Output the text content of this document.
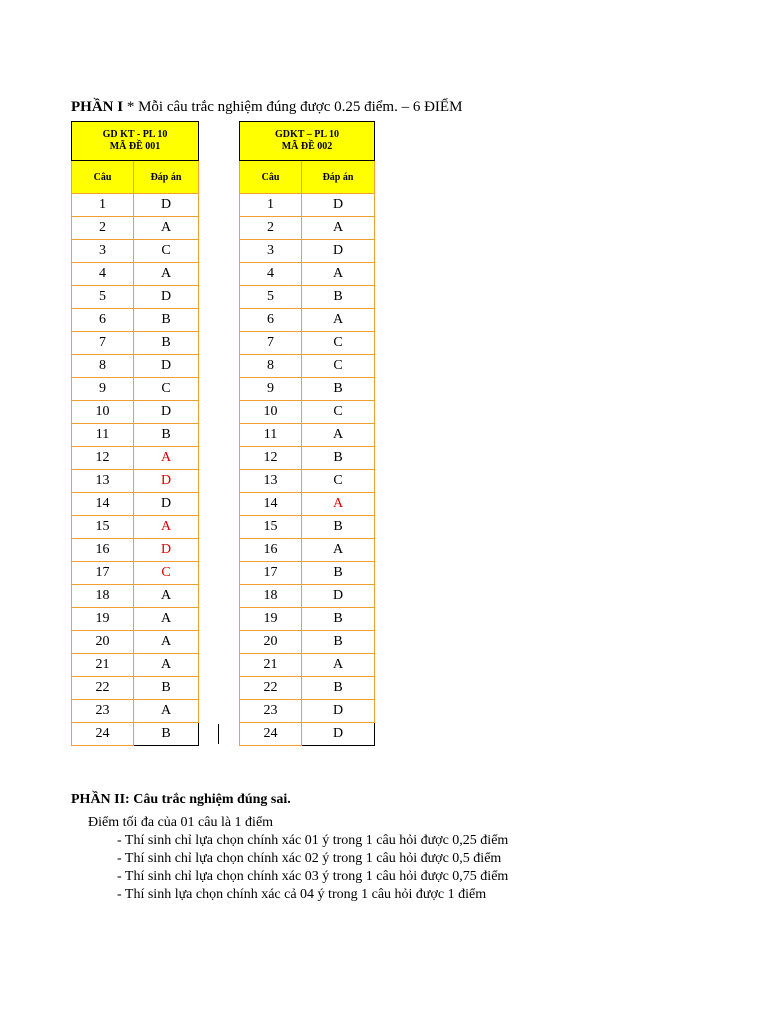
PHẦN I * Mỗi câu trắc nghiệm đúng được 0.25 điểm. – 6 ĐIỂM
GD KT - PL 10
MÃ ĐỀ 001	

Câu	Đáp án
1	D
2	A
3	C
4	A
5	D
6	B
7	B
8	D
9	C
10	D
11	B
12	A
13	D
14	D
15	A
16	D
17	C
18	A
19	A
20	A
21	A
22	B
23	A
24	B
GDKT – PL 10
MÃ ĐỀ 002	

Câu	Đáp án
1	D
2	A
3	D
4	A
5	B
6	A
7	C
8	C
9	B
10	C
11	A
12	B
13	C
14	A
15	B
16	A
17	B
18	D
19	B
20	B
21	A
22	B
23	D
24	D
PHẦN II: Câu trắc nghiệm đúng sai.
Điểm tối đa của 01 câu là 1 điểm
- Thí sinh chỉ lựa chọn chính xác 01 ý trong 1 câu hỏi được 0,25 điểm
- Thí sinh chỉ lựa chọn chính xác 02 ý trong 1 câu hỏi được 0,5 điểm
- Thí sinh chỉ lựa chọn chính xác 03 ý trong 1 câu hỏi được 0,75 điểm
- Thí sinh lựa chọn chính xác cả 04 ý trong 1 câu hỏi được 1 điểm
